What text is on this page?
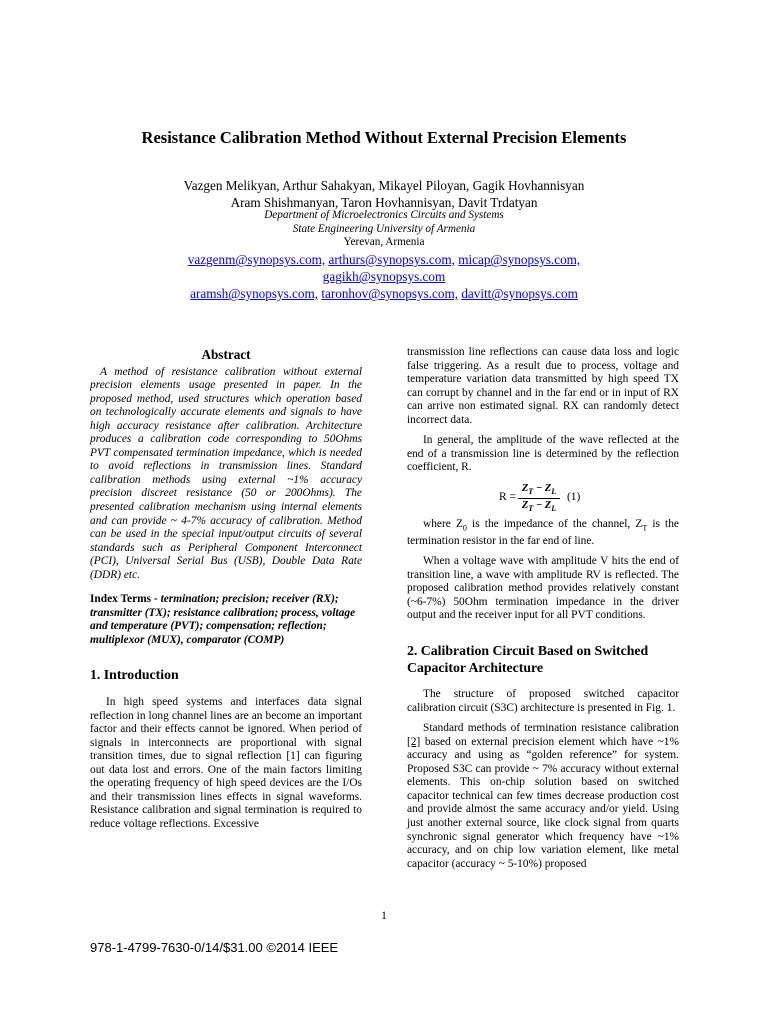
Resistance Calibration Method Without External Precision Elements
Vazgen Melikyan, Arthur Sahakyan, Mikayel Piloyan, Gagik Hovhannisyan
Aram Shishmanyan, Taron Hovhannisyan, Davit Trdatyan
Department of Microelectronics Circuits and Systems
State Engineering University of Armenia
Yerevan, Armenia
vazgenm@synopsys.com, arthurs@synopsys.com, micap@synopsys.com,
gagikh@synopsys.com
aramsh@synopsys.com, taronhov@synopsys.com, davitt@synopsys.com
Abstract

A method of resistance calibration without external precision elements usage presented in paper. In the proposed method, used structures which operation based on technologically accurate elements and signals to have high accuracy resistance after calibration. Architecture produces a calibration code corresponding to 50Ohms PVT compensated termination impedance, which is needed to avoid reflections in transmission lines. Standard calibration methods using external ~1% accuracy precision discreet resistance (50 or 200Ohms). The presented calibration mechanism using internal elements and can provide ~ 4-7% accuracy of calibration. Method can be used in the special input/output circuits of several standards such as Peripheral Component Interconnect (PCI), Universal Serial Bus (USB), Double Data Rate (DDR) etc.

Index Terms - termination; precision; receiver (RX); transmitter (TX); resistance calibration; process, voltage and temperature (PVT); compensation; reflection; multiplexor (MUX), comparator (COMP)

1. Introduction

In high speed systems and interfaces data signal reflection in long channel lines are an become an important factor and their effects cannot be ignored. When period of signals in interconnects are proportional with signal transition times, due to signal reflection [1] can figuring out data lost and errors. One of the main factors limiting the operating frequency of high speed devices are the I/Os and their transmission lines effects in signal waveforms. Resistance calibration and signal termination is required to reduce voltage reflections. Excessive

transmission line reflections can cause data loss and logic false triggering. As a result due to process, voltage and temperature variation data transmitted by high speed TX can corrupt by channel and in the far end or in input of RX can arrive non estimated signal. RX can randomly detect incorrect data.

In general, the amplitude of the wave reflected at the end of a transmission line is determined by the reflection coefficient, R.

$R = \frac{Z_T - Z_L}{Z_T - Z_L} (1)$

where $Z_0$ is the impedance of the channel, $Z_T$ is the termination resistor in the far end of line.

When a voltage wave with amplitude V hits the end of transition line, a wave with amplitude RV is reflected. The proposed calibration method provides relatively constant (~6-7%) 50Ohm termination impedance in the driver output and the receiver input for all PVT conditions.

2. Calibration Circuit Based on Switched Capacitor Architecture

The structure of proposed switched capacitor calibration circuit (S3C) architecture is presented in Fig. 1.

Standard methods of termination resistance calibration [2] based on external precision element which have ~1% accuracy and using as “golden reference” for system. Proposed S3C can provide ~ 7% accuracy without external elements. This on-chip solution based on switched capacitor technical can few times decrease production cost and provide almost the same accuracy and/or yield. Using just another external source, like clock signal from quarts synchronic signal generator which frequency have ~1% accuracy, and on chip low variation element, like metal capacitor (accuracy ~ 5-10%) proposed

1
978-1-4799-7630-0/14/$31.00 ©2014 IEEE
